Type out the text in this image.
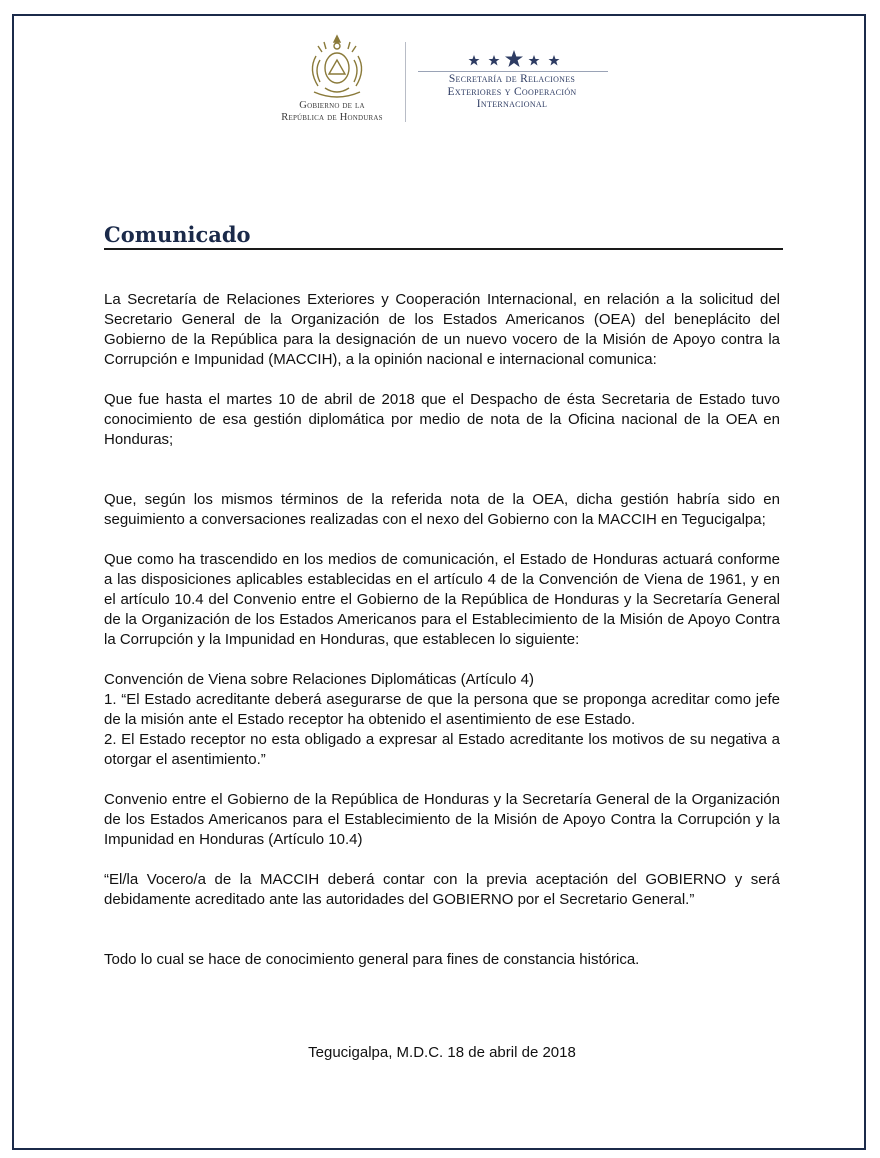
Gobierno de la
República de Honduras
Secretaría de Relaciones
Exteriores y Cooperación
Internacional
Comunicado

La Secretaría de Relaciones Exteriores y Cooperación Internacional, en relación a la solicitud del Secretario General de la Organización de los Estados Americanos (OEA) del beneplácito del Gobierno de la República para la designación de un nuevo vocero de la Misión de Apoyo contra la Corrupción e Impunidad (MACCIH), a la opinión nacional e internacional comunica:

Que fue hasta el martes 10 de abril de 2018 que el Despacho de ésta Secretaria de Estado tuvo conocimiento de esa gestión diplomática por medio de nota de la Oficina nacional de la OEA en Honduras;

Que, según los mismos términos de la referida nota de la OEA, dicha gestión habría sido en seguimiento a conversaciones realizadas con el nexo del Gobierno con la MACCIH en Tegucigalpa;

Que como ha trascendido en los medios de comunicación, el Estado de Honduras actuará conforme a las disposiciones aplicables establecidas en el artículo 4 de la Convención de Viena de 1961, y en el artículo 10.4 del Convenio entre el Gobierno de la República de Honduras y la Secretaría General de la Organización de los Estados Americanos para el Establecimiento de la Misión de Apoyo Contra la Corrupción y la Impunidad en Honduras, que establecen lo siguiente:

Convención de Viena sobre Relaciones Diplomáticas (Artículo 4)
1. “El Estado acreditante deberá asegurarse de que la persona que se proponga acreditar como jefe de la misión ante el Estado receptor ha obtenido el asentimiento de ese Estado.
2. El Estado receptor no esta obligado a expresar al Estado acreditante los motivos de su negativa a otorgar el asentimiento.”

Convenio entre el Gobierno de la República de Honduras y la Secretaría General de la Organización de los Estados Americanos para el Establecimiento de la Misión de Apoyo Contra la Corrupción y la Impunidad en Honduras (Artículo 10.4)

“El/la Vocero/a de la MACCIH deberá contar con la previa aceptación del GOBIERNO y será debidamente acreditado ante las autoridades del GOBIERNO por el Secretario General.”

Todo lo cual se hace de conocimiento general para fines de constancia histórica.

Tegucigalpa, M.D.C. 18 de abril de 2018
